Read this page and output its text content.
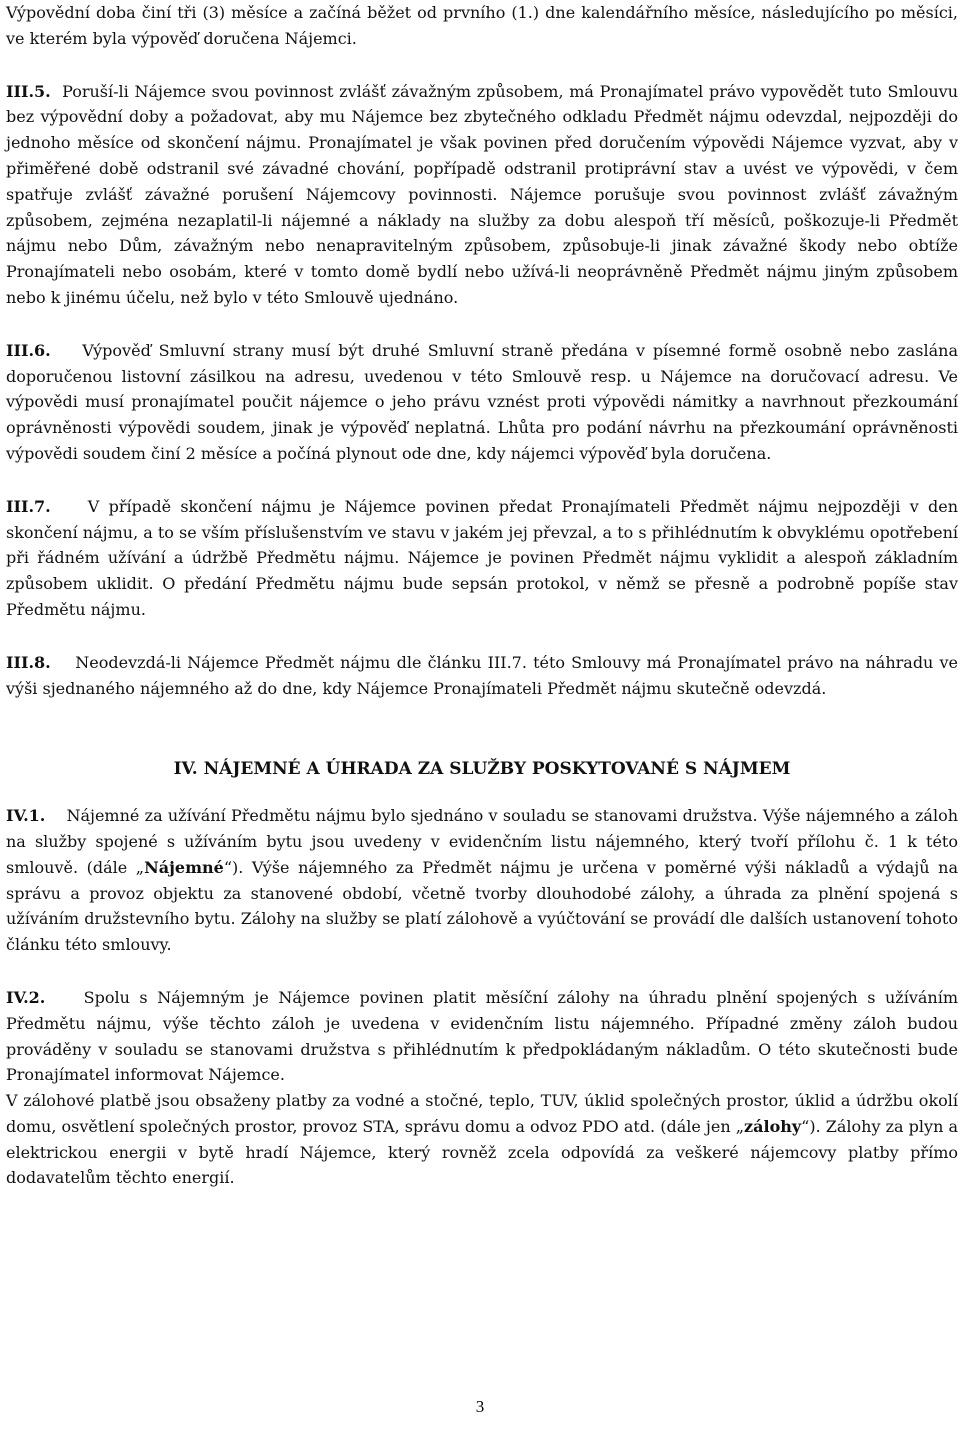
Výpovědní doba činí tři (3) měsíce a začíná běžet od prvního (1.) dne kalendářního měsíce, následujícího po měsíci, ve kterém byla výpověď doručena Nájemci.

III.5. Poruší-li Nájemce svou povinnost zvlášť závažným způsobem, má Pronajímatel právo vypovědět tuto Smlouvu bez výpovědní doby a požadovat, aby mu Nájemce bez zbytečného odkladu Předmět nájmu odevzdal, nejpozději do jednoho měsíce od skončení nájmu. Pronajímatel je však povinen před doručením výpovědi Nájemce vyzvat, aby v přiměřené době odstranil své závadné chování, popřípadě odstranil protiprávní stav a uvést ve výpovědi, v čem spatřuje zvlášť závažné porušení Nájemcovy povinnosti. Nájemce porušuje svou povinnost zvlášť závažným způsobem, zejména nezaplatil-li nájemné a náklady na služby za dobu alespoň tří měsíců, poškozuje-li Předmět nájmu nebo Dům, závažným nebo nenapravitelným způsobem, způsobuje-li jinak závažné škody nebo obtíže Pronajímateli nebo osobám, které v tomto domě bydlí nebo užívá-li neoprávněně Předmět nájmu jiným způsobem nebo k jinému účelu, než bylo v této Smlouvě ujednáno.

III.6. Výpověď Smluvní strany musí být druhé Smluvní straně předána v písemné formě osobně nebo zaslána doporučenou listovní zásilkou na adresu, uvedenou v této Smlouvě resp. u Nájemce na doručovací adresu. Ve výpovědi musí pronajímatel poučit nájemce o jeho právu vznést proti výpovědi námitky a navrhnout přezkoumání oprávněnosti výpovědi soudem, jinak je výpověď neplatná. Lhůta pro podání návrhu na přezkoumání oprávněnosti výpovědi soudem činí 2 měsíce a počíná plynout ode dne, kdy nájemci výpověď byla doručena.

III.7. V případě skončení nájmu je Nájemce povinen předat Pronajímateli Předmět nájmu nejpozději v den skončení nájmu, a to se vším příslušenstvím ve stavu v jakém jej převzal, a to s přihlédnutím k obvyklému opotřebení při řádném užívání a údržbě Předmětu nájmu. Nájemce je povinen Předmět nájmu vyklidit a alespoň základním způsobem uklidit. O předání Předmětu nájmu bude sepsán protokol, v němž se přesně a podrobně popíše stav Předmětu nájmu.

III.8. Neodevzdá-li Nájemce Předmět nájmu dle článku III.7. této Smlouvy má Pronajímatel právo na náhradu ve výši sjednaného nájemného až do dne, kdy Nájemce Pronajímateli Předmět nájmu skutečně odevzdá.

IV. NÁJEMNÉ A ÚHRADA ZA SLUŽBY POSKYTOVANÉ S NÁJMEM

IV.1. Nájemné za užívání Předmětu nájmu bylo sjednáno v souladu se stanovami družstva. Výše nájemného a záloh na služby spojené s užíváním bytu jsou uvedeny v evidenčním listu nájemného, který tvoří přílohu č. 1 k této smlouvě. (dále „Nájemné“). Výše nájemného za Předmět nájmu je určena v poměrné výši nákladů a výdajů na správu a provoz objektu za stanovené období, včetně tvorby dlouhodobé zálohy, a úhrada za plnění spojená s užíváním družstevního bytu. Zálohy na služby se platí zálohově a vyúčtování se provádí dle dalších ustanovení tohoto článku této smlouvy.

IV.2. Spolu s Nájemným je Nájemce povinen platit měsíční zálohy na úhradu plnění spojených s užíváním Předmětu nájmu, výše těchto záloh je uvedena v evidenčním listu nájemného. Případné změny záloh budou prováděny v souladu se stanovami družstva s přihlédnutím k předpokládaným nákladům. O této skutečnosti bude Pronajímatel informovat Nájemce.

V zálohové platbě jsou obsaženy platby za vodné a stočné, teplo, TUV, úklid společných prostor, úklid a údržbu okolí domu, osvětlení společných prostor, provoz STA, správu domu a odvoz PDO atd. (dále jen „zálohy“). Zálohy za plyn a elektrickou energii v bytě hradí Nájemce, který rovněž zcela odpovídá za veškeré nájemcovy platby přímo dodavatelům těchto energií.

3
